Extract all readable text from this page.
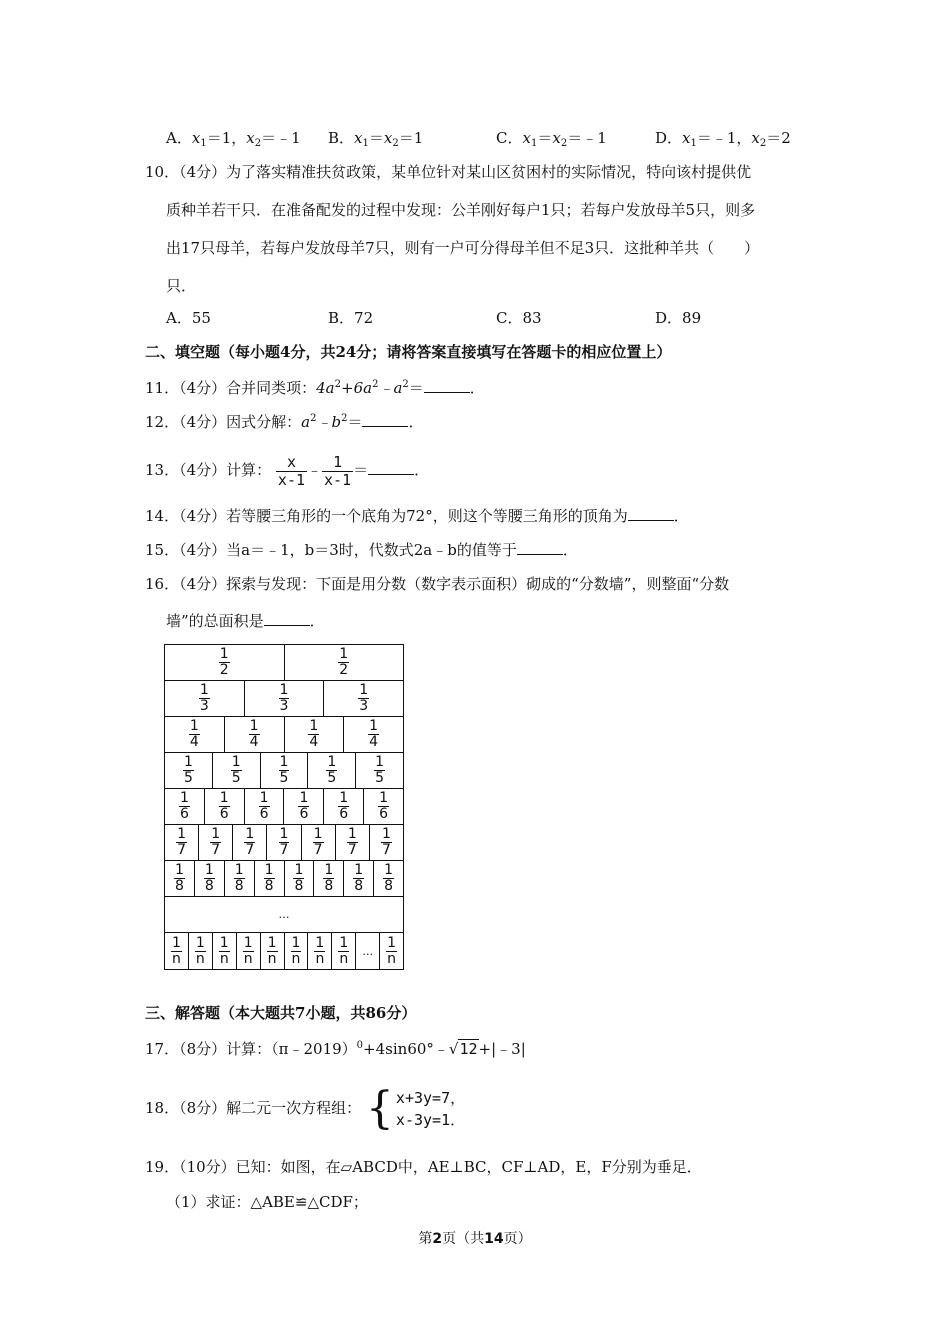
A．$x_1=1$，$x_2=﹣1$ B．$x_1=x_2=1$	C．$x_1=x_2=﹣1$	D．$x_1=﹣1$，$x_2=2$
10．（4分）为了落实精准扶贫政策，某单位针对某山区贫困村的实际情况，特向该村提供优
质种羊若干只．在准备配发的过程中发现：公羊刚好每户1只；若每户发放母羊5只，则多
出17只母羊，若每户发放母羊7只，则有一户可分得母羊但不足3只．这批种羊共（　　）
只．
A．55	B．72	C．83	D．89
二、填空题（每小题4分，共24分；请将答案直接填写在答题卡的相应位置上）
11．（4分）合并同类项：$4a^2+6a^2﹣a^2=$	．
12．（4分）因式分解：$a^2﹣b^2=$	．
13．（4分）计算： $\frac{x}{x-1}$ ﹣ $\frac{1}{x-1}$ ＝	．
14．（4分）若等腰三角形的一个底角为72°，则这个等腰三角形的顶角为	．
15．（4分）当a＝﹣1，b＝3时，代数式2a﹣b的值等于	．
16．（4分）探索与发现：下面是用分数（数字表示面积）砌成的“分数墙”，则整面“分数
墙”的总面积是	．
$\frac{1}{2}$	$\frac{1}{2}$
$\frac{1}{3}$	$\frac{1}{3}$	$\frac{1}{3}$
$\frac{1}{4}$	$\frac{1}{4}$	$\frac{1}{4}$	$\frac{1}{4}$
$\frac{1}{5}$	$\frac{1}{5}$	$\frac{1}{5}$	$\frac{1}{5}$	$\frac{1}{5}$
$\frac{1}{6} \frac{1}{6} \frac{1}{6} \frac{1}{6} \frac{1}{6} \frac{1}{6}$
$\frac{1}{7} \frac{1}{7} \frac{1}{7} \frac{1}{7} \frac{1}{7} \frac{1}{7} \frac{1}{7}$
$\frac{1}{8} \frac{1}{8} \frac{1}{8} \frac{1}{8} \frac{1}{8} \frac{1}{8} \frac{1}{8} \frac{1}{8}$
…
$\frac{1}{n} \frac{1}{n} \frac{1}{n} \frac{1}{n} \frac{1}{n} \frac{1}{n} \frac{1}{n} \frac{1}{n}$ … $\frac{1}{n}$
三、解答题（本大题共7小题，共86分）
17．（8分）计算：（π﹣2019）$^0$+4sin60°﹣√12+|﹣3|
18．（8分）解二元一次方程组： { x+3y=7，
x-3y=1．
19．（10分）已知：如图，在▱ABCD中，AE⊥BC，CF⊥AD，E，F分别为垂足．
（1）求证：△ABE≌△CDF；
第2页（共14页）
